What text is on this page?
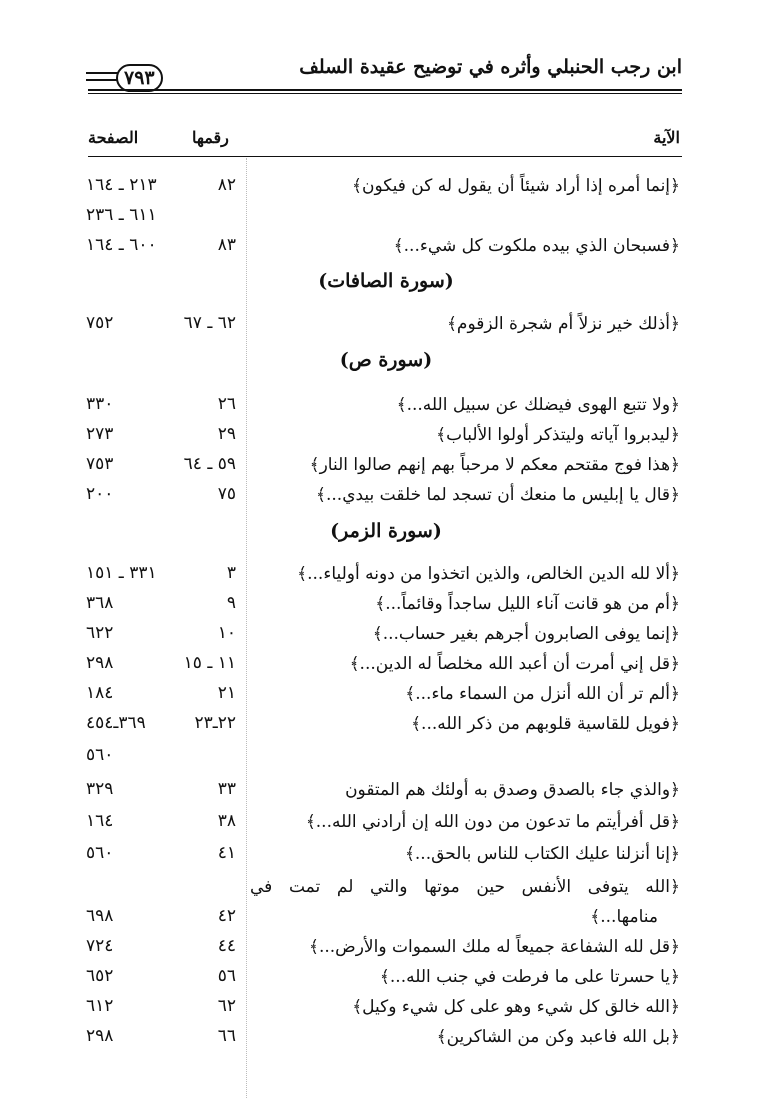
ابن رجب الحنبلي وأثره في توضيح عقيدة السلف
٧٩٣
الآية
رقمها
الصفحة
﴿إنما أمره إذا أراد شيئاً أن يقول له كن فيكون﴾
٨٢
٢١٣ ـ ١٦٤
٦١١ ـ ٢٣٦
﴿فسبحان الذي بيده ملكوت كل شيء...﴾
٨٣
٦٠٠ ـ ١٦٤
(سورة الصافات)
﴿أذلك خير نزلاً أم شجرة الزقوم﴾
٦٢ ـ ٦٧
٧٥٢
(سورة ص)
﴿ولا تتبع الهوى فيضلك عن سبيل الله...﴾
٢٦
٣٣٠
﴿ليدبروا آياته وليتذكر أولوا الألباب﴾
٢٩
٢٧٣
﴿هذا فوج مقتحم معكم لا مرحباً بهم إنهم صالوا النار﴾
٥٩ ـ ٦٤
٧٥٣
﴿قال يا إبليس ما منعك أن تسجد لما خلقت بيدي...﴾
٧٥
٢٠٠
(سورة الزمر)
﴿ألا لله الدين الخالص، والذين اتخذوا من دونه أولياء...﴾
٣
٣٣١ ـ ١٥١
﴿أم من هو قانت آناء الليل ساجداً وقائماً...﴾
٩
٣٦٨
﴿إنما يوفى الصابرون أجرهم بغير حساب...﴾
١٠
٦٢٢
﴿قل إني أمرت أن أعبد الله مخلصاً له الدين...﴾
١١ ـ ١٥
٢٩٨
﴿ألم تر أن الله أنزل من السماء ماء...﴾
٢١
١٨٤
﴿فويل للقاسية قلوبهم من ذكر الله...﴾
٢٢ـ٢٣
٣٦٩ـ٤٥٤
٥٦٠
﴿والذي جاء بالصدق وصدق به أولئك هم المتقون
٣٣
٣٢٩
﴿قل أفرأيتم ما تدعون من دون الله إن أرادني الله...﴾
٣٨
١٦٤
﴿إنا أنزلنا عليك الكتاب للناس بالحق...﴾
٤١
٥٦٠
﴿الله يتوفى الأنفس حين موتها والتي لم تمت في
منامها...﴾
٤٢
٦٩٨
﴿قل لله الشفاعة جميعاً له ملك السموات والأرض...﴾
٤٤
٧٢٤
﴿يا حسرتا على ما فرطت في جنب الله...﴾
٥٦
٦٥٢
﴿الله خالق كل شيء وهو على كل شيء وكيل﴾
٦٢
٦١٢
﴿بل الله فاعبد وكن من الشاكرين﴾
٦٦
٢٩٨
